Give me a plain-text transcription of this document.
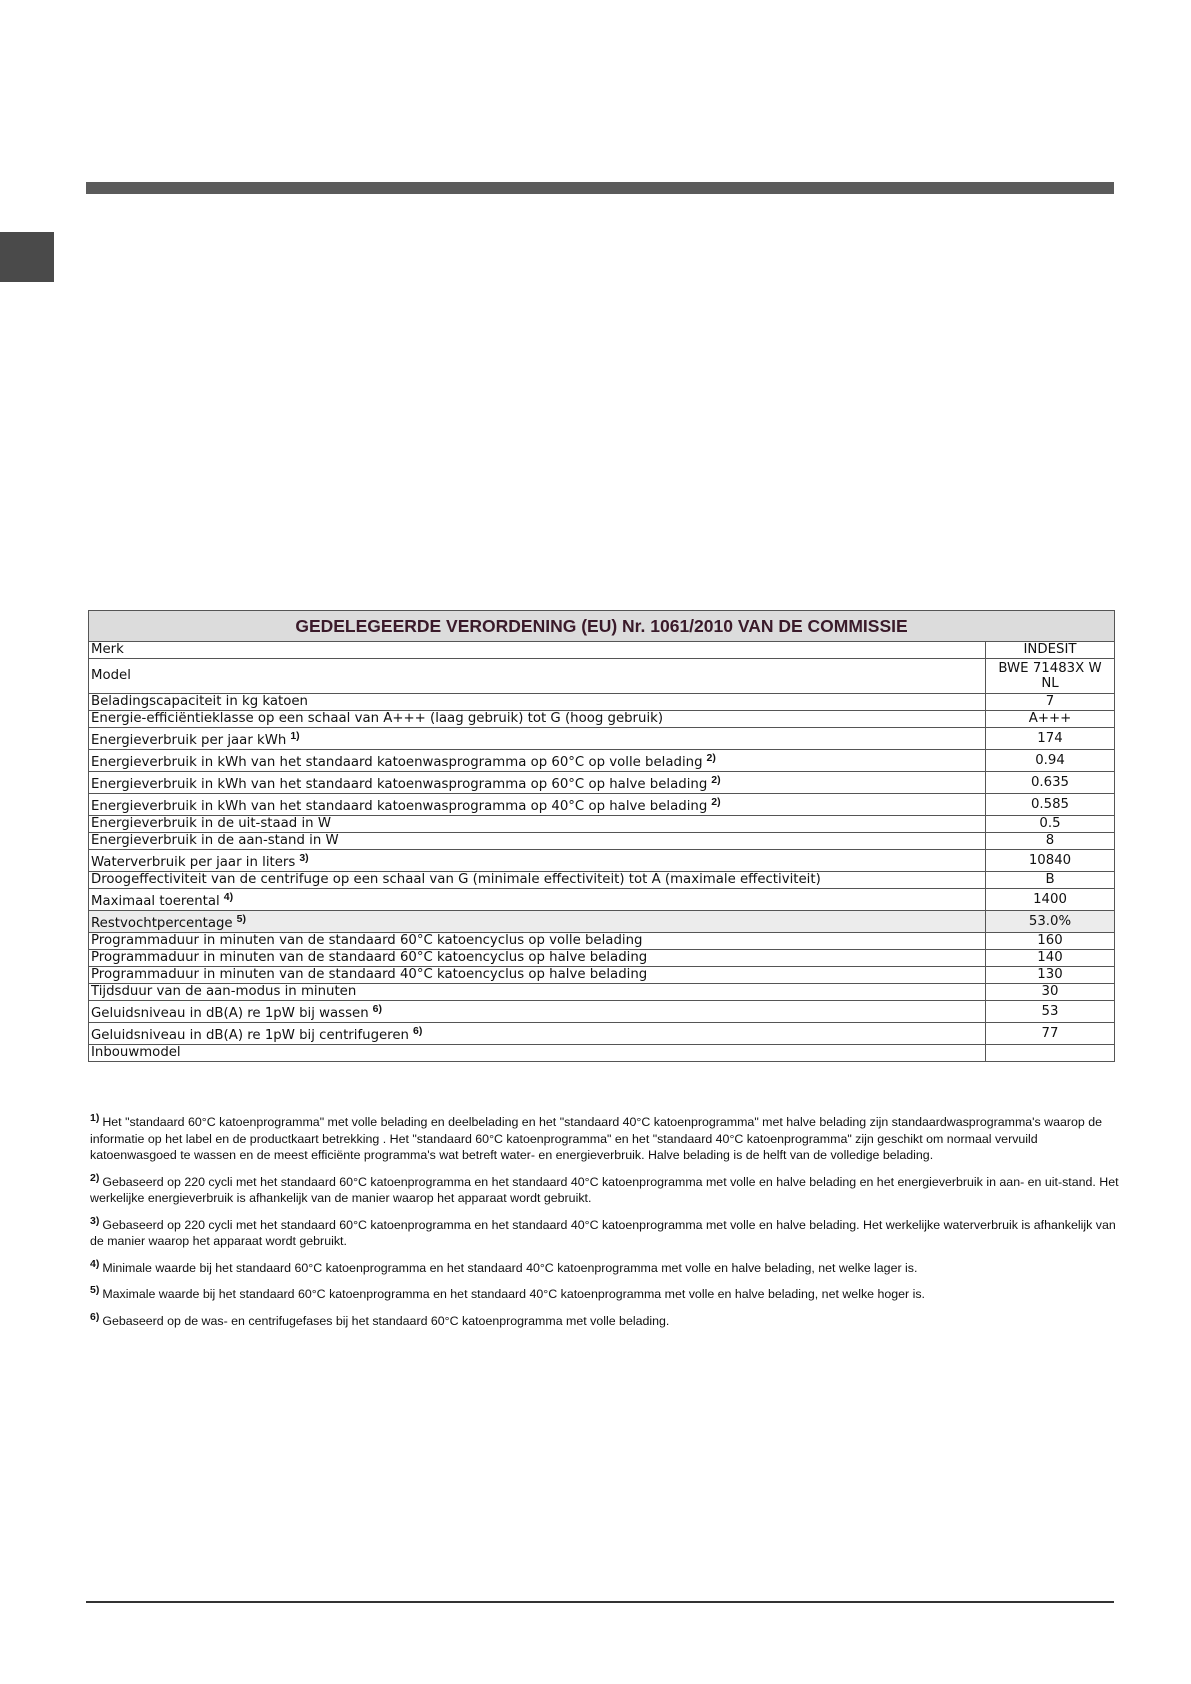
GEDELEGEERDE VERORDENING (EU) Nr. 1061/2010 VAN DE COMMISSIE	
Merk	INDESIT
Model	BWE 71483X W NL
Beladingscapaciteit in kg katoen	7
Energie-efficiëntieklasse op een schaal van A+++ (laag gebruik) tot G (hoog gebruik)	A+++
Energieverbruik per jaar kWh $^{1)}$	174
Energieverbruik in kWh van het standaard katoenwasprogramma op 60°C op volle belading $^{2)}$	0.94
Energieverbruik in kWh van het standaard katoenwasprogramma op 60°C op halve belading $^{2)}$	0.635
Energieverbruik in kWh van het standaard katoenwasprogramma op 40°C op halve belading $^{2)}$	0.585
Energieverbruik in de uit-staad in W	0.5
Energieverbruik in de aan-stand in W	8
Waterverbruik per jaar in liters $^{3)}$	10840
Droogeffectiviteit van de centrifuge op een schaal van G (minimale effectiviteit) tot A (maximale effectiviteit)	B
Maximaal toerental $^{4)}$	1400
Restvochtpercentage $^{5)}$	53.0%
Programmaduur in minuten van de standaard 60°C katoencyclus op volle belading	160
Programmaduur in minuten van de standaard 60°C katoencyclus op halve belading	140
Programmaduur in minuten van de standaard 40°C katoencyclus op halve belading	130
Tijdsduur van de aan-modus in minuten	30
Geluidsniveau in dB(A) re 1pW bij wassen $^{6)}$	53
Geluidsniveau in dB(A) re 1pW bij centrifugeren $^{6)}$	77
Inbouwmodel	

$^{1)}$ Het "standaard 60°C katoenprogramma" met volle belading en deelbelading en het "standaard 40°C katoenprogramma" met halve belading zijn standaardwasprogramma's waarop de informatie op het label en de productkaart betrekking . Het "standaard 60°C katoenprogramma" en het "standaard 40°C katoenprogramma" zijn geschikt om normaal vervuild katoenwasgoed te wassen en de meest efficiënte programma's wat betreft water- en energieverbruik. Halve belading is de helft van de volledige belading.

$^{2)}$ Gebaseerd op 220 cycli met het standaard 60°C katoenprogramma en het standaard 40°C katoenprogramma met volle en halve belading en het energieverbruik in aan- en uit-stand. Het werkelijke energieverbruik is afhankelijk van de manier waarop het apparaat wordt gebruikt.

$^{3)}$ Gebaseerd op 220 cycli met het standaard 60°C katoenprogramma en het standaard 40°C katoenprogramma met volle en halve belading. Het werkelijke waterverbruik is afhankelijk van de manier waarop het apparaat wordt gebruikt.

$^{4)}$ Minimale waarde bij het standaard 60°C katoenprogramma en het standaard 40°C katoenprogramma met volle en halve belading, net welke lager is.

$^{5)}$ Maximale waarde bij het standaard 60°C katoenprogramma en het standaard 40°C katoenprogramma met volle en halve belading, net welke hoger is.

$^{6)}$ Gebaseerd op de was- en centrifugefases bij het standaard 60°C katoenprogramma met volle belading.
